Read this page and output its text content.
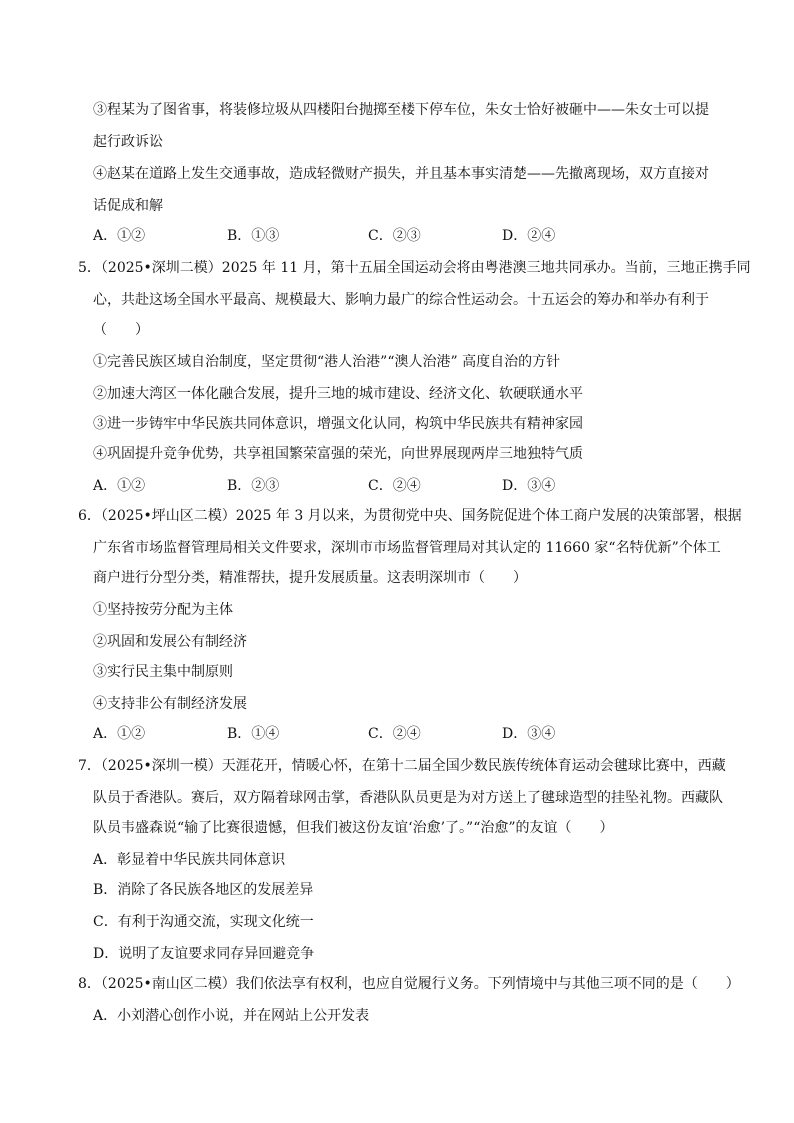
③程某为了图省事，将装修垃圾从四楼阳台抛掷至楼下停车位，朱女士恰好被砸中——朱女士可以提
起行政诉讼
④赵某在道路上发生交通事故，造成轻微财产损失，并且基本事实清楚——先撤离现场，双方直接对
话促成和解
A．①②	B．①③	C．②③	D．②④
5．（2025•深圳二模）2025 年 11 月，第十五届全国运动会将由粤港澳三地共同承办。当前，三地正携手同
心，共赴这场全国水平最高、规模最大、影响力最广的综合性运动会。十五运会的筹办和举办有利于
（　　）
①完善民族区域自治制度，坚定贯彻“港人治港”“澳人治港” 高度自治的方针
②加速大湾区一体化融合发展，提升三地的城市建设、经济文化、软硬联通水平
③进一步铸牢中华民族共同体意识，增强文化认同，构筑中华民族共有精神家园
④巩固提升竞争优势，共享祖国繁荣富强的荣光，向世界展现两岸三地独特气质
A．①②	B．②③	C．②④	D．③④
6．（2025•坪山区二模）2025 年 3 月以来，为贯彻党中央、国务院促进个体工商户发展的决策部署，根据
广东省市场监督管理局相关文件要求，深圳市市场监督管理局对其认定的 11660 家“名特优新”个体工
商户进行分型分类，精准帮扶，提升发展质量。这表明深圳市（　　）
①坚持按劳分配为主体
②巩固和发展公有制经济
③实行民主集中制原则
④支持非公有制经济发展
A．①②	B．①④	C．②④	D．③④
7．（2025•深圳一模）天涯花开，情暖心怀，在第十二届全国少数民族传统体育运动会毽球比赛中，西藏
队员于香港队。赛后，双方隔着球网击掌，香港队队员更是为对方送上了毽球造型的挂坠礼物。西藏队
队员韦盛森说“输了比赛很遗憾，但我们被这份友谊‘治愈’了。”“治愈”的友谊（　　）
A．彰显着中华民族共同体意识
B．消除了各民族各地区的发展差异
C．有利于沟通交流，实现文化统一
D．说明了友谊要求同存异回避竞争
8．（2025•南山区二模）我们依法享有权利，也应自觉履行义务。下列情境中与其他三项不同的是（　　）
A．小刘潜心创作小说，并在网站上公开发表
